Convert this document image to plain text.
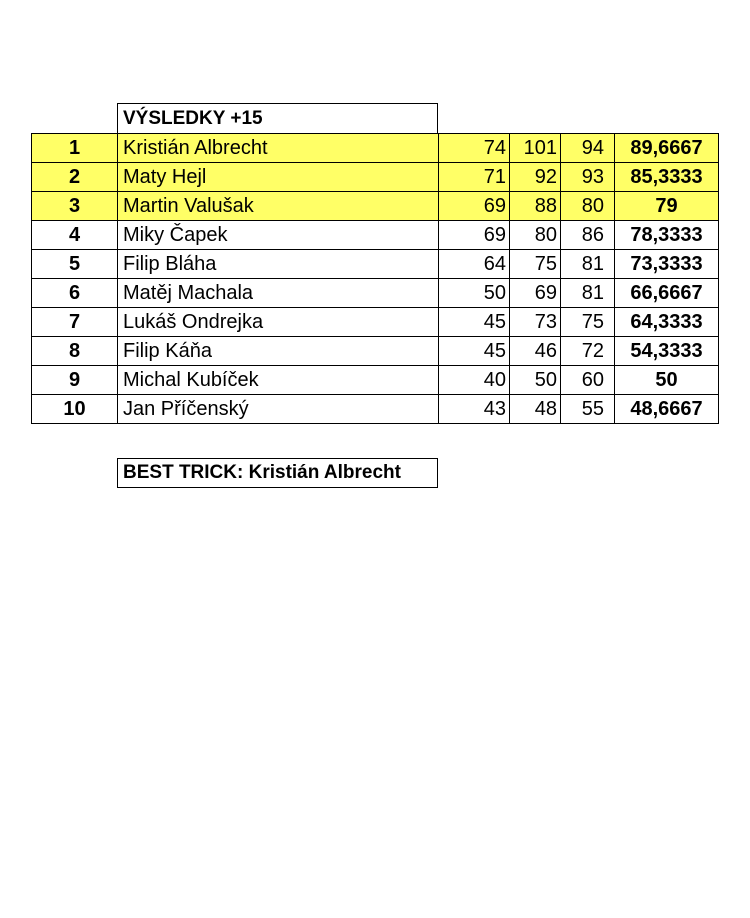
VÝSLEDKY +15
1	Kristián Albrecht	74	101	94	89,6667
2	Maty Hejl	71	92	93	85,3333
3	Martin Valušak	69	88	80	79
4	Miky Čapek	69	80	86	78,3333
5	Filip Bláha	64	75	81	73,3333
6	Matěj Machala	50	69	81	66,6667
7	Lukáš Ondrejka	45	73	75	64,3333
8	Filip Káňa	45	46	72	54,3333
9	Michal Kubíček	40	50	60	50
10	Jan Příčenský	43	48	55	48,6667
BEST TRICK: Kristián Albrecht
